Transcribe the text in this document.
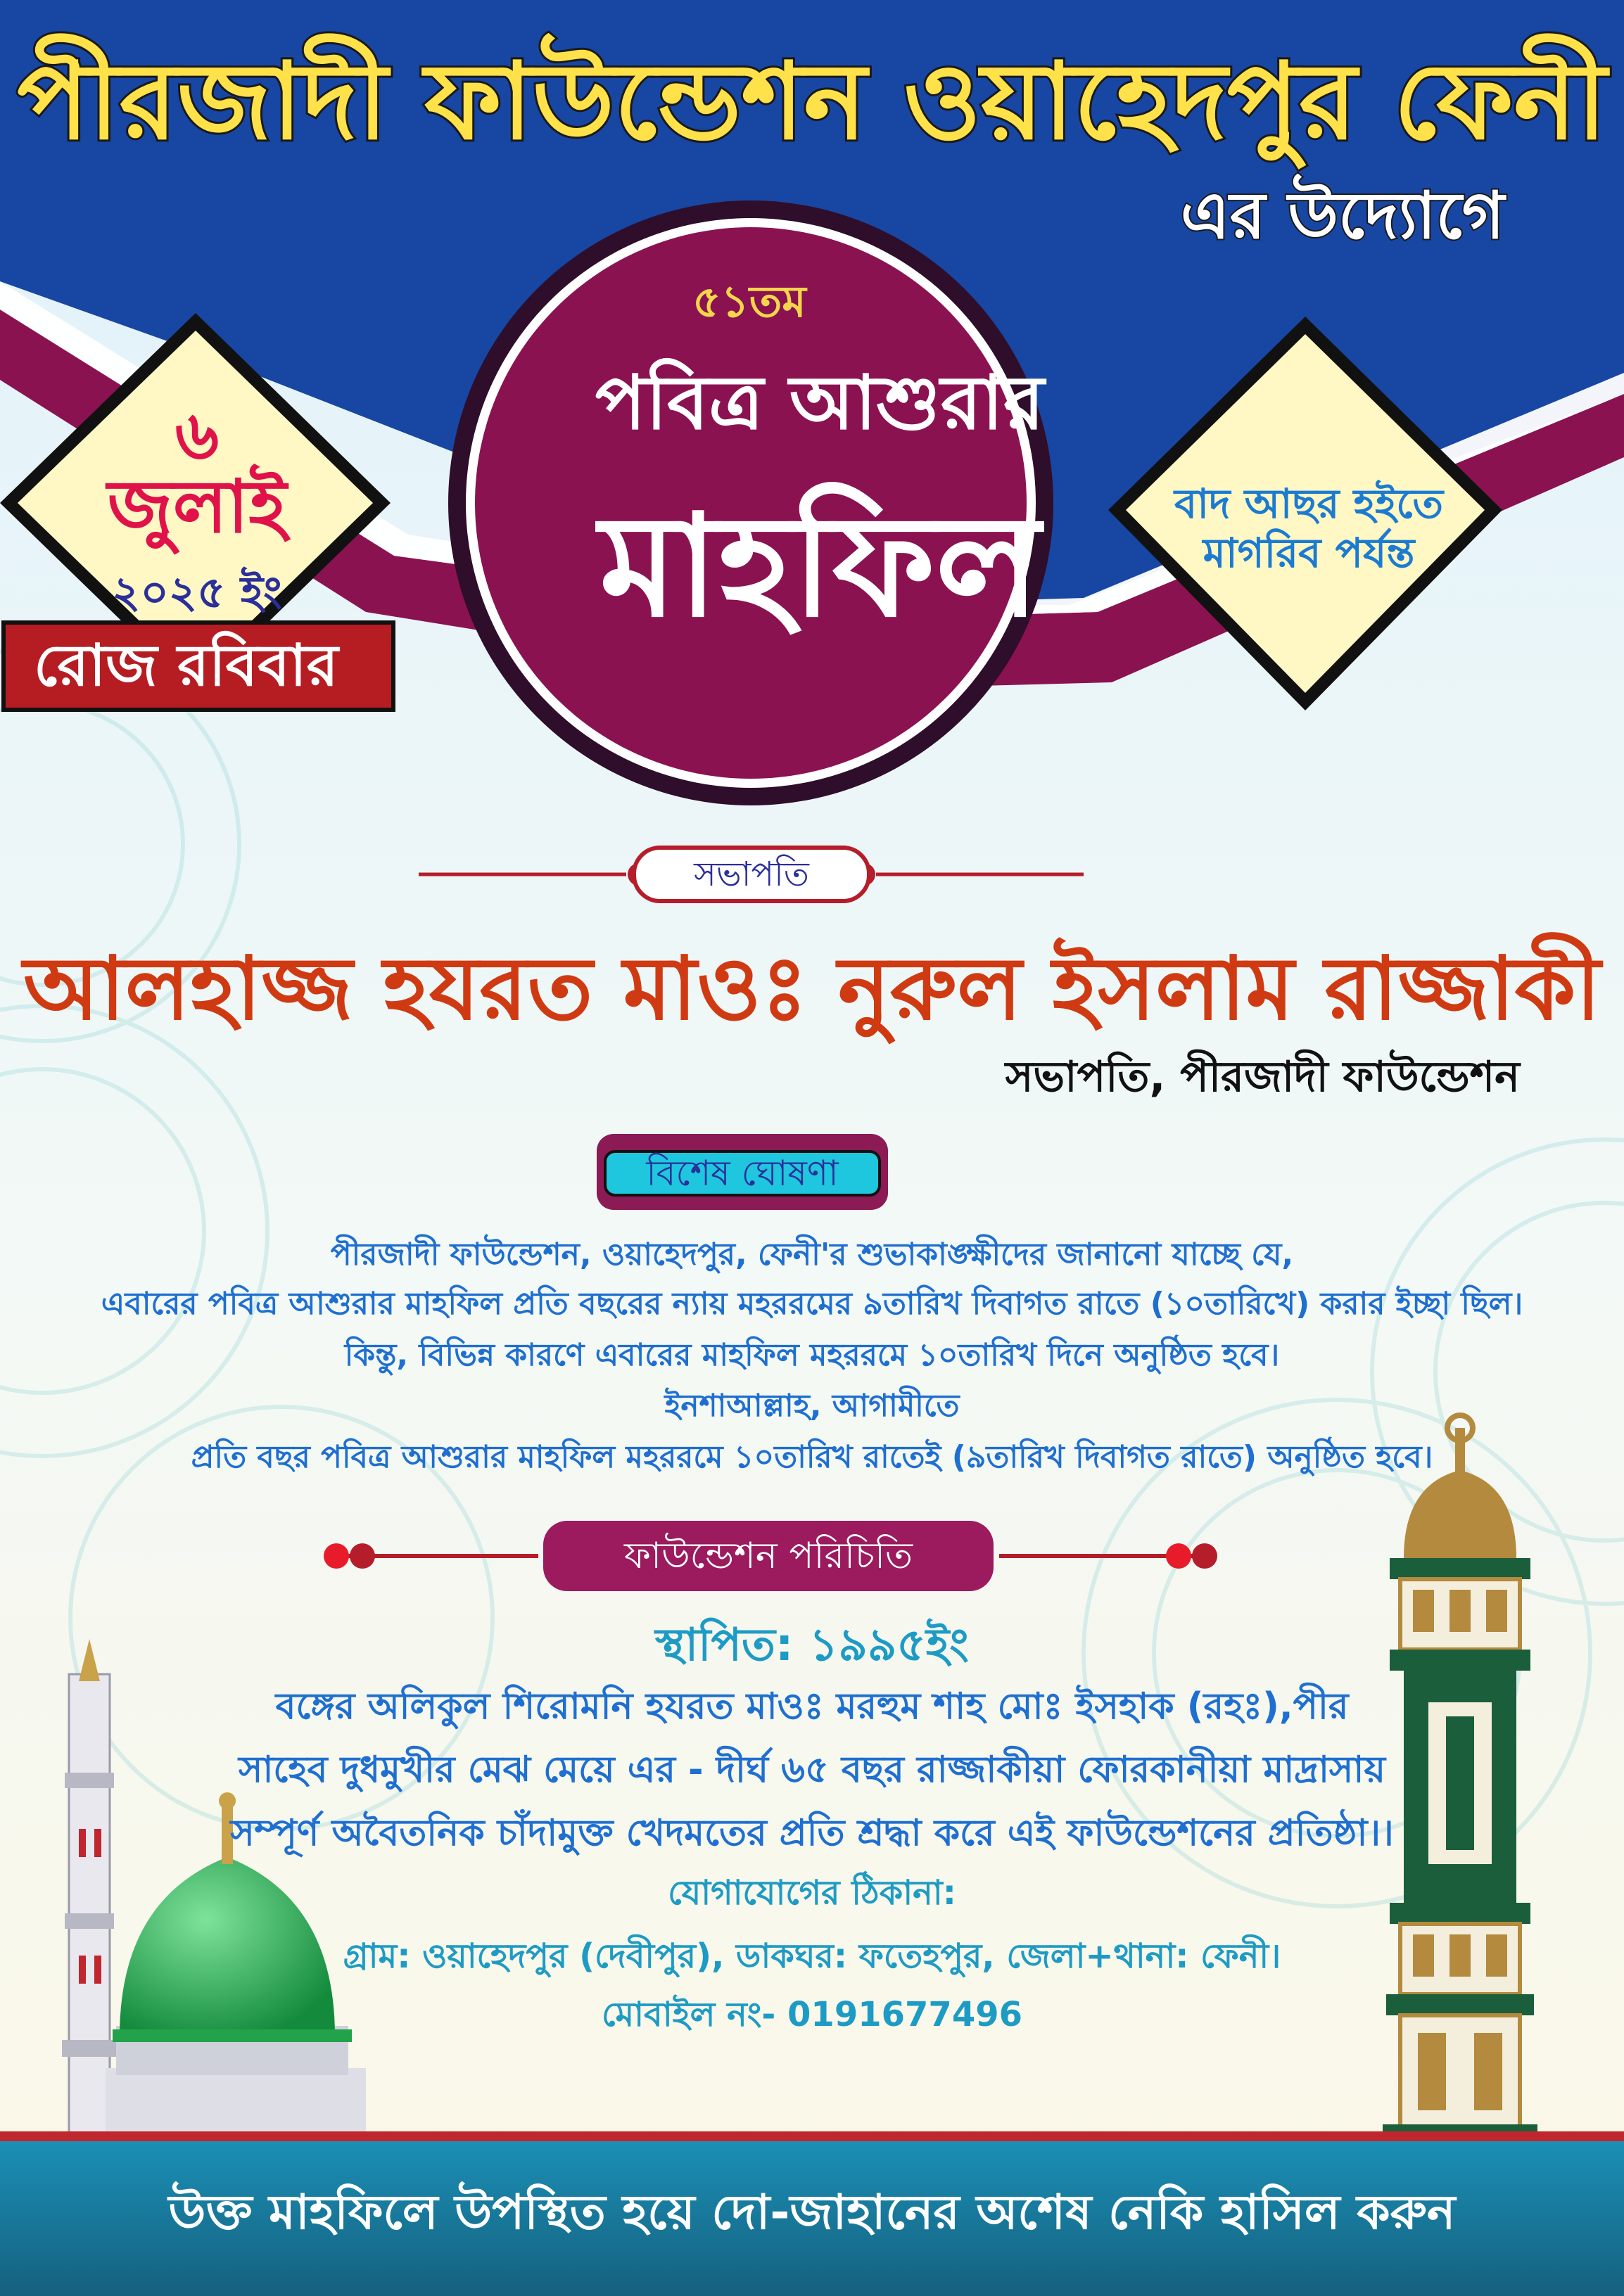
পীরজাদী ফাউন্ডেশন ওয়াহেদপুর ফেনী
এর উদ্যোগে
৫১তম
পবিত্র আশুরার
মাহফিল
৬
জুলাই
২০২৫ ইং
রোজ রবিবার
বাদ আছর হইতে
মাগরিব পর্যন্ত
সভাপতি
আলহাজ্জ হযরত মাওঃ নুরুল ইসলাম রাজ্জাকী
সভাপতি, পীরজাদী ফাউন্ডেশন
বিশেষ ঘোষণা
পীরজাদী ফাউন্ডেশন, ওয়াহেদপুর, ফেনী'র শুভাকাঙ্ক্ষীদের জানানো যাচ্ছে যে,
এবারের পবিত্র আশুরার মাহফিল প্রতি বছরের ন্যায় মহররমের ৯তারিখ দিবাগত রাতে (১০তারিখে) করার ইচ্ছা ছিল।
কিন্তু, বিভিন্ন কারণে এবারের মাহফিল মহররমে ১০তারিখ দিনে অনুষ্ঠিত হবে।
ইনশাআল্লাহ, আগামীতে
প্রতি বছর পবিত্র আশুরার মাহফিল মহররমে ১০তারিখ রাতেই (৯তারিখ দিবাগত রাতে) অনুষ্ঠিত হবে।
ফাউন্ডেশন পরিচিতি
স্থাপিত: ১৯৯৫ইং
বঙ্গের অলিকুল শিরোমনি হযরত মাওঃ মরহুম শাহ মোঃ ইসহাক (রহঃ),পীর
সাহেব দুধমুখীর মেঝ মেয়ে এর - দীর্ঘ ৬৫ বছর রাজ্জাকীয়া ফোরকানীয়া মাদ্রাসায়
সম্পূর্ণ অবৈতনিক চাঁদামুক্ত খেদমতের প্রতি শ্রদ্ধা করে এই ফাউন্ডেশনের প্রতিষ্ঠা।।
যোগাযোগের ঠিকানা:
গ্রাম: ওয়াহেদপুর (দেবীপুর), ডাকঘর: ফতেহপুর, জেলা+থানা: ফেনী।
মোবাইল নং- 0191677496
উক্ত মাহফিলে উপস্থিত হয়ে দো-জাহানের অশেষ নেকি হাসিল করুন
